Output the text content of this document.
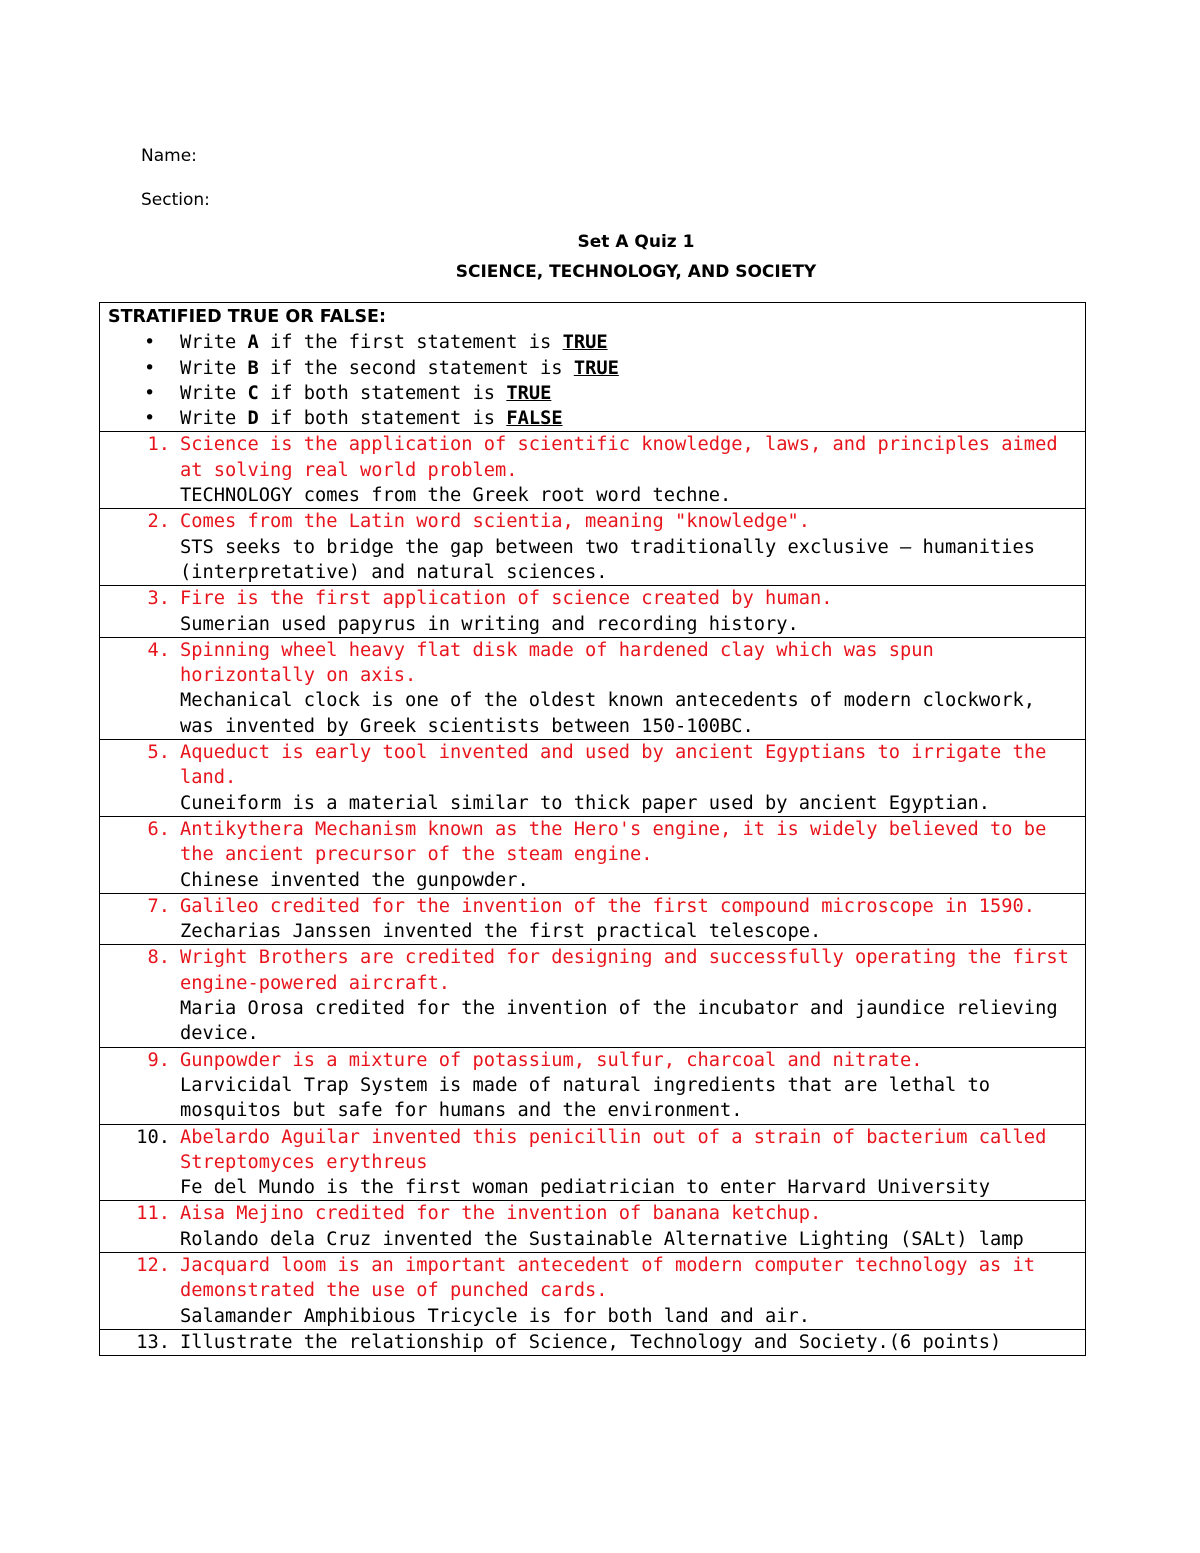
Name:
Section:
Set A Quiz 1
SCIENCE, TECHNOLOGY, AND SOCIETY
STRATIFIED TRUE OR FALSE:
• Write A if the first statement is TRUE
• Write B if the second statement is TRUE
• Write C if both statement is TRUE
• Write D if both statement is FALSE

1. Science is the application of scientific knowledge, laws, and principles aimed at solving real world problem.
TECHNOLOGY comes from the Greek root word techne.

2. Comes from the Latin word scientia, meaning "knowledge".
STS seeks to bridge the gap between two traditionally exclusive – humanities (interpretative) and natural sciences.

3. Fire is the first application of science created by human.
Sumerian used papyrus in writing and recording history.

4. Spinning wheel heavy flat disk made of hardened clay which was spun horizontally on axis.
Mechanical clock is one of the oldest known antecedents of modern clockwork, was invented by Greek scientists between 150-100BC.

5. Aqueduct is early tool invented and used by ancient Egyptians to irrigate the land.
Cuneiform is a material similar to thick paper used by ancient Egyptian.

6. Antikythera Mechanism known as the Hero's engine, it is widely believed to be the ancient precursor of the steam engine.
Chinese invented the gunpowder.

7. Galileo credited for the invention of the first compound microscope in 1590.
Zecharias Janssen invented the first practical telescope.

8. Wright Brothers are credited for designing and successfully operating the first engine-powered aircraft.
Maria Orosa credited for the invention of the incubator and jaundice relieving device.

9. Gunpowder is a mixture of potassium, sulfur, charcoal and nitrate.
Larvicidal Trap System is made of natural ingredients that are lethal to mosquitos but safe for humans and the environment.

10. Abelardo Aguilar invented this penicillin out of a strain of bacterium called Streptomyces erythreus
Fe del Mundo is the first woman pediatrician to enter Harvard University

11. Aisa Mejino credited for the invention of banana ketchup.
Rolando dela Cruz invented the Sustainable Alternative Lighting (SALt) lamp

12. Jacquard loom is an important antecedent of modern computer technology as it demonstrated the use of punched cards.
Salamander Amphibious Tricycle is for both land and air.

13. Illustrate the relationship of Science, Technology and Society.(6 points)
